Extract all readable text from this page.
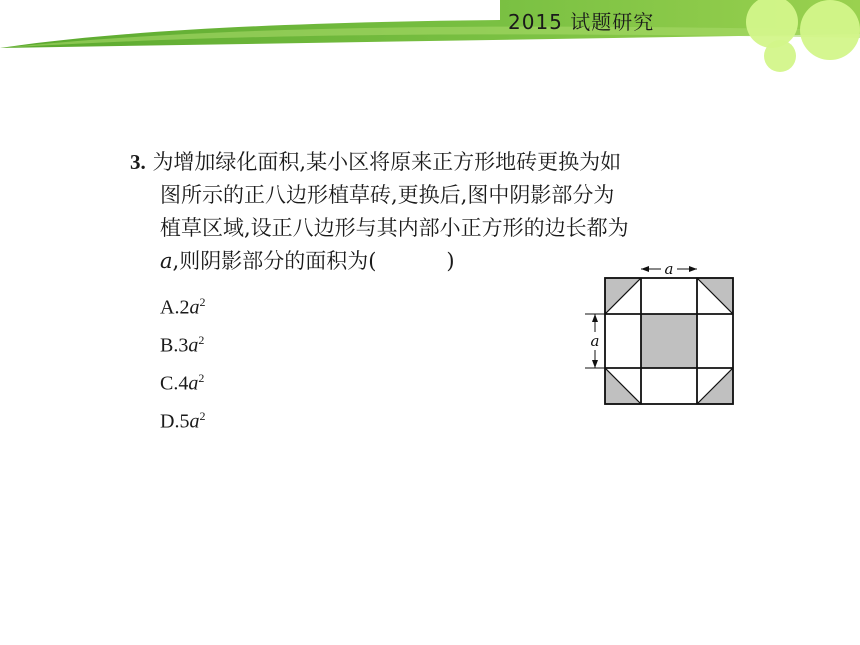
2015 试题研究
3. 为增加绿化面积,某小区将原来正方形地砖更换为如
图所示的正八边形植草砖,更换后,图中阴影部分为
植草区域,设正八边形与其内部小正方形的边长都为
a,则阴影部分的面积为(	)
$A.2a^2$
$B.3a^2$
$C.4a^2$
$D.5a^2$
a
a
